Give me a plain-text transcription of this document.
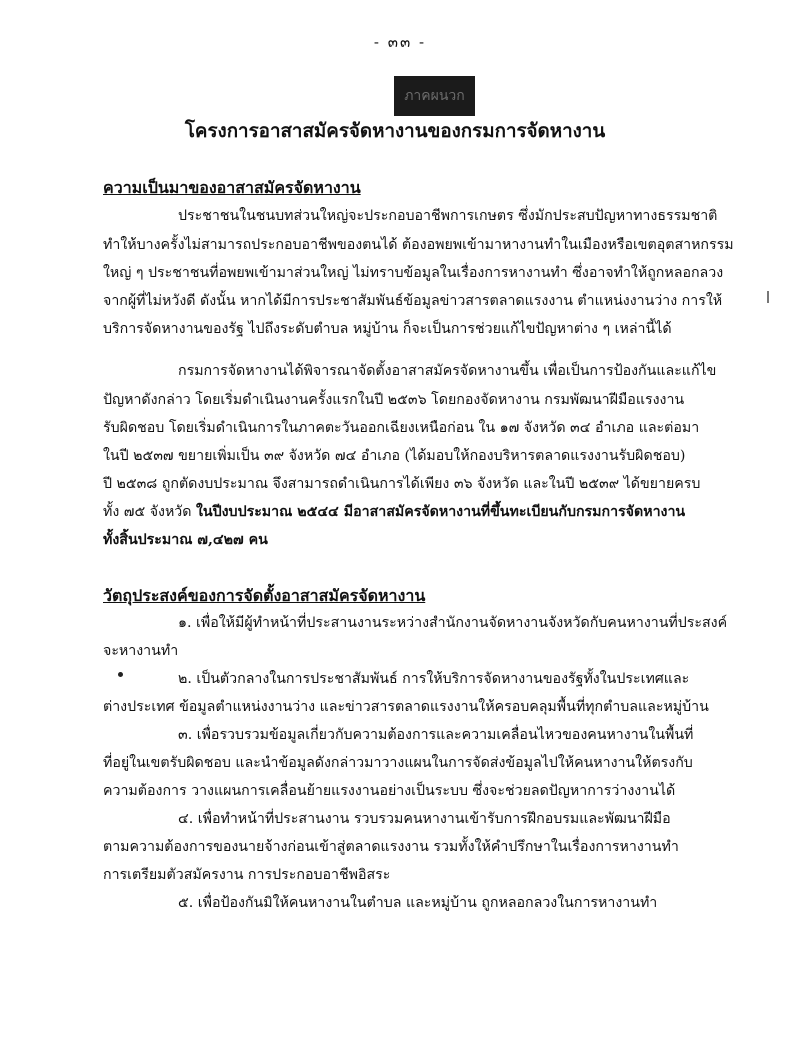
- ๓๓ -
ภาคผนวก
โครงการอาสาสมัครจัดหางานของกรมการจัดหางาน
ความเป็นมาของอาสาสมัครจัดหางาน
ประชาชนในชนบทส่วนใหญ่จะประกอบอาชีพการเกษตร ซึ่งมักประสบปัญหาทางธรรมชาติ
ทำให้บางครั้งไม่สามารถประกอบอาชีพของตนได้ ต้องอพยพเข้ามาหางานทำในเมืองหรือเขตอุตสาหกรรม
ใหญ่ ๆ ประชาชนที่อพยพเข้ามาส่วนใหญ่ ไม่ทราบข้อมูลในเรื่องการหางานทำ ซึ่งอาจทำให้ถูกหลอกลวง
จากผู้ที่ไม่หวังดี ดังนั้น หากได้มีการประชาสัมพันธ์ข้อมูลข่าวสารตลาดแรงงาน ตำแหน่งงานว่าง การให้
บริการจัดหางานของรัฐ ไปถึงระดับตำบล หมู่บ้าน ก็จะเป็นการช่วยแก้ไขปัญหาต่าง ๆ เหล่านี้ได้
กรมการจัดหางานได้พิจารณาจัดตั้งอาสาสมัครจัดหางานขึ้น เพื่อเป็นการป้องกันและแก้ไข
ปัญหาดังกล่าว โดยเริ่มดำเนินงานครั้งแรกในปี ๒๕๓๖ โดยกองจัดหางาน กรมพัฒนาฝีมือแรงงาน
รับผิดชอบ โดยเริ่มดำเนินการในภาคตะวันออกเฉียงเหนือก่อน ใน ๑๗ จังหวัด ๓๔ อำเภอ และต่อมา
ในปี ๒๕๓๗ ขยายเพิ่มเป็น ๓๙ จังหวัด ๗๔ อำเภอ (ได้มอบให้กองบริหารตลาดแรงงานรับผิดชอบ)
ปี ๒๕๓๘ ถูกตัดงบประมาณ จึงสามารถดำเนินการได้เพียง ๓๖ จังหวัด และในปี ๒๕๓๙ ได้ขยายครบ
ทั้ง ๗๕ จังหวัด ในปีงบประมาณ ๒๕๔๔ มีอาสาสมัครจัดหางานที่ขึ้นทะเบียนกับกรมการจัดหางาน
ทั้งสิ้นประมาณ ๗,๔๒๗ คน
วัตถุประสงค์ของการจัดตั้งอาสาสมัครจัดหางาน
๑. เพื่อให้มีผู้ทำหน้าที่ประสานงานระหว่างสำนักงานจัดหางานจังหวัดกับคนหางานที่ประสงค์
จะหางานทำ
๒. เป็นตัวกลางในการประชาสัมพันธ์ การให้บริการจัดหางานของรัฐทั้งในประเทศและ
ต่างประเทศ ข้อมูลตำแหน่งงานว่าง และข่าวสารตลาดแรงงานให้ครอบคลุมพื้นที่ทุกตำบลและหมู่บ้าน
๓. เพื่อรวบรวมข้อมูลเกี่ยวกับความต้องการและความเคลื่อนไหวของคนหางานในพื้นที่
ที่อยู่ในเขตรับผิดชอบ และนำข้อมูลดังกล่าวมาวางแผนในการจัดส่งข้อมูลไปให้คนหางานให้ตรงกับ
ความต้องการ วางแผนการเคลื่อนย้ายแรงงานอย่างเป็นระบบ ซึ่งจะช่วยลดปัญหาการว่างงานได้
๔. เพื่อทำหน้าที่ประสานงาน รวบรวมคนหางานเข้ารับการฝึกอบรมและพัฒนาฝีมือ
ตามความต้องการของนายจ้างก่อนเข้าสู่ตลาดแรงงาน รวมทั้งให้คำปรึกษาในเรื่องการหางานทำ
การเตรียมตัวสมัครงาน การประกอบอาชีพอิสระ
๕. เพื่อป้องกันมิให้คนหางานในตำบล และหมู่บ้าน ถูกหลอกลวงในการหางานทำ
